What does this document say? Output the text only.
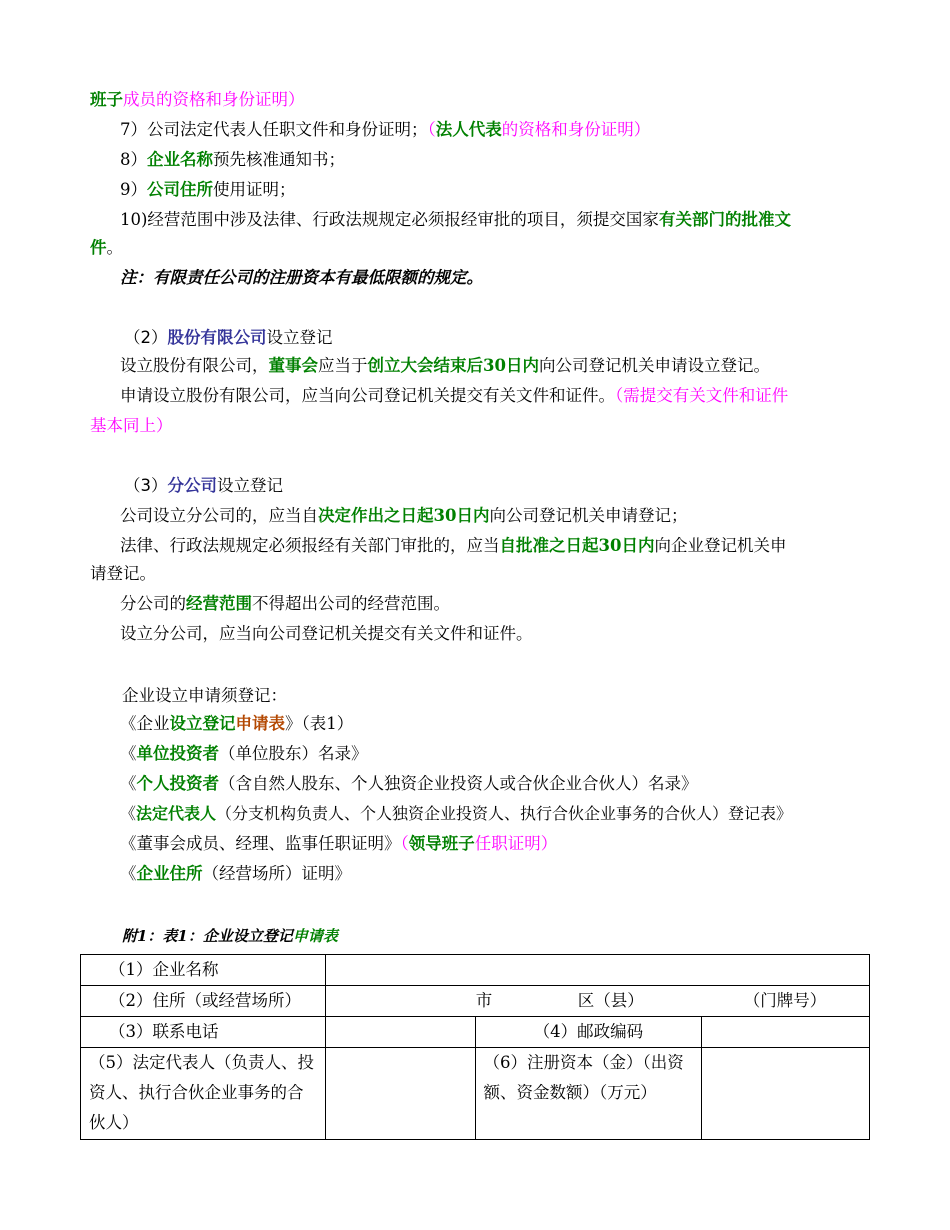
班子成员的资格和身份证明）
7）公司法定代表人任职文件和身份证明；（法人代表的资格和身份证明）
8）企业名称预先核准通知书；
9）公司住所使用证明；
10)经营范围中涉及法律、行政法规规定必须报经审批的项目，须提交国家有关部门的批准文
件。
注：有限责任公司的注册资本有最低限额的规定。
（2）股份有限公司设立登记
设立股份有限公司，董事会应当于创立大会结束后30日内向公司登记机关申请设立登记。
申请设立股份有限公司，应当向公司登记机关提交有关文件和证件。（需提交有关文件和证件
基本同上）
（3）分公司设立登记
公司设立分公司的，应当自决定作出之日起30日内向公司登记机关申请登记；
法律、行政法规规定必须报经有关部门审批的，应当自批准之日起30日内向企业登记机关申
请登记。
分公司的经营范围不得超出公司的经营范围。
设立分公司，应当向公司登记机关提交有关文件和证件。
企业设立申请须登记：
《企业设立登记申请表》（表1）
《单位投资者（单位股东）名录》
《个人投资者（含自然人股东、个人独资企业投资人或合伙企业合伙人）名录》
《法定代表人（分支机构负责人、个人独资企业投资人、执行合伙企业事务的合伙人）登记表》
《董事会成员、经理、监事任职证明》（领导班子任职证明）
《企业住所（经营场所）证明》
附1：表1：企业设立登记申请表
（1）企业名称			
（2）住所（或经营场所）	市 区（县） （门牌号）		

（3）联系电话		（4）邮政编码	
（5）法定代表人（负责人、投资人、执行合伙企业事务的合伙人）		（6）注册资本（金）（出资额、资金数额）（万元）	
